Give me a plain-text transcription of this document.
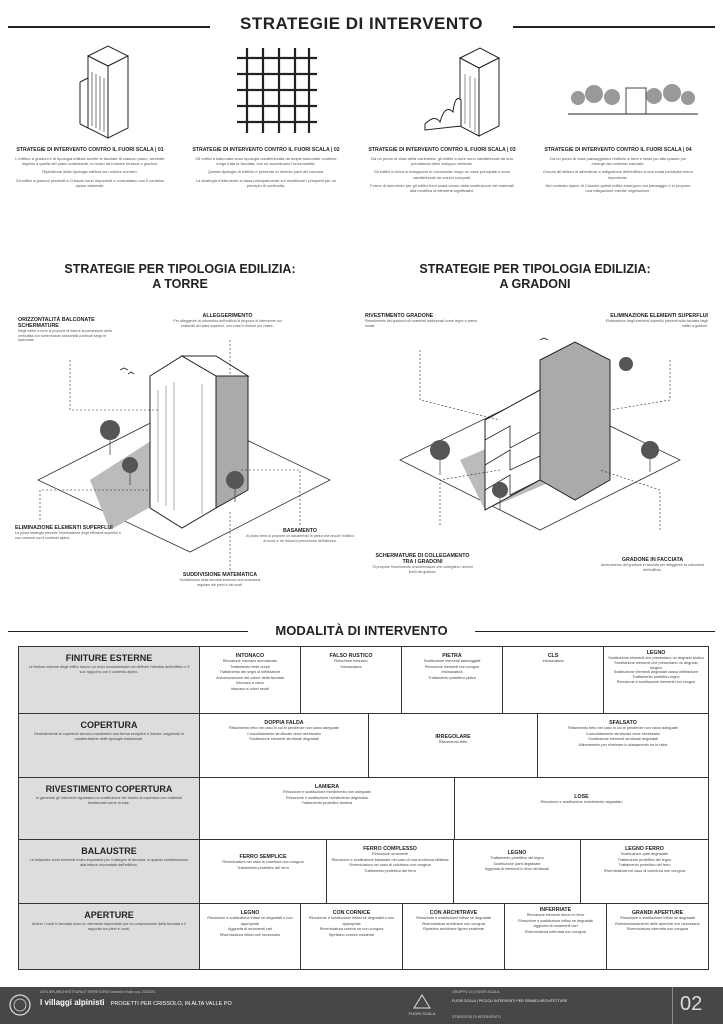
STRATEGIE DI INTERVENTO
STRATEGIE DI INTERVENTO CONTRO IL FUORI SCALA | 01
L'edificio a gradoni e di tipologia edilizia avente le facciate di ciascun piano, arretrate rispetto a quella del piano sottostante, in modo da formare terrazzi o gradoni.
Ripetizione della tipologia edilizia con minore numero.
Gli edifici a gradoni presenti a Crissolo sono imponenti e contrastano con il contesto alpino esistente.
STRATEGIE DI INTERVENTO CONTRO IL FUORI SCALA | 02
Gli edifici a balconate sono tipologia caratterizzata da ampie balconate continue lungo tutta la facciata, che ne accentuano l'orizzontalita.
Questa tipologia di edificio e presente in diverse parti del comune.
La strategia d'intervento si basa principalmente sul modificare i prospetti per un principio di continuita.
STRATEGIE DI INTERVENTO CONTRO IL FUORI SCALA | 03
Da un punto di vista della volumetria, gli edifici a torre sono caratterizzati da una prevalenza dello sviluppo verticale.
Gli edifici in linea si sviluppano in orizzontale lungo un asse principale e sono caratterizzati da volumi compatti.
Forme di intervento per gli edifici fuori scala vanno dalla sostituzione dei materiali alla modifica di elementi significativi.
STRATEGIE DI INTERVENTO CONTRO IL FUORI SCALA | 04
Da un punto di vista paesaggistico l'edificio a torre e tanto piu alto quanto piu emerge dal contesto naturale.
Dovuto all'utilizzo di alberature a mitigazione dell'edificio a una scala percepita meno imponente.
Nel contesto alpino di Crissolo questi edifici emergono sul paesaggio e si propone una mitigazione tramite vegetazione.
STRATEGIE PER TIPOLOGIA EDILIZIA:
A TORRE
STRATEGIE PER TIPOLOGIA EDILIZIA:
A GRADONI
ORIZZONTALITÀ BALCONATE SCHERMATURE
Negli edifici a torre si propone di ridurre la percezione della verticalita con schermature orizzontali continue lungo le balconate.
ALLEGGERIMENTO
Per alleggerire la volumetria dell'edificio si propone di intervenire sui materiali dei piani superiori, con colori e finiture piu chiare.
ELIMINAZIONE ELEMENTI SUPERFLUI
La prima strategia prevede l'eliminazione degli elementi superflui e non coerenti con il contesto alpino.
BASAMENTO
Al piano terra si propone un basamento in pietra che ancori l'edificio al suolo e ne riduca la percezione dell'altezza.
SUDDIVISIONE MATEMATICA
Suddivisione della facciata secondo una scansione regolare dei pieni e dei vuoti.
RIVESTIMENTO GRADONE
Rivestimento dei gradoni con materiali tradizionali come legno e pietra locale.
ELIMINAZIONE ELEMENTI SUPERFLUI
Eliminazione degli elementi superflui presenti sulle facciate degli edifici a gradoni.
SCHERMATURE DI COLLEGAMENTO TRA I GRADONI
Si propone l'inserimento di schermature che colleghino i diversi livelli dei gradoni.
GRADONE IN FACCIATA
Arretramento del gradone in facciata per alleggerire la volumetria dell'edificio.
MODALITÀ DI INTERVENTO
FINITURE ESTERNE
Le finiture esterne degli edifici hanno un ruolo fondamentale nel definire l'identita dell'edificio e il suo rapporto con il contesto alpino.
INTONACO
Rimozione intonaco ammalorato
Trattamento delle crepe
Trattamento dei segni di infiltrazione
Armonizzazione del colore della facciata
Intonaco a calce
Intonaco a colori neutri
FALSO RUSTICO
Rimozione intonaco
Intonacatura
PIETRA
Sostituzione elementi danneggiati
Rimozione elementi non congrui
Intonacatura
Trattamento protettivo pietra
CLS
Intonacatura
LEGNO
Sostituzione elementi che presentano un degrado biotico
Sostituzione elementi che presentano un degrado fungino
Sostituzione elementi degradati causa infiltrazione
Trattamento protettivo legno
Rimozione e sostituzione elementi non congrui
COPERTURA
Generalmente le coperture devono mantenere una forma semplice e lineare, seguendo le caratteristiche delle tipologie tradizionali.
DOPPIA FALDA
Rifacimento tetto nel caso in cui le pendenze non siano adeguate
Consolidamento strutturale dove necessario
Sostituzione elementi strutturali degradati	IRREGOLARE
Rifacimento tetto
SFALSATO
Rifacimento tetto nel caso in cui le pendenze non siano adeguate
Consolidamento strutturale dove necessario
Sostituzione elementi strutturali degradati
Allineamento per eliminare lo sfalsamento tra le falde
RIVESTIMENTO COPERTURA
In generale gli interventi riguardano la sostituzione del manto di copertura con materiali tradizionali come la lose.
LAMIERA
Rimozione e sostituzione rivestimento non adeguato
Rimozione e sostituzione rivestimento degradato
Trattamento protettivo lamiera
LOSE
Rimozione e sostituzione rivestimento degradato
BALAUSTRE
Le balaustre sono elementi molto importanti per il disegno di facciata, in quanto contribuiscono alla lettura orizzontale dell'edificio.
FERRO SEMPLICE
Riverniciatura nel caso di coloritura non congrua
Trattamento protettivo del ferro
FERRO COMPLESSO
Rimozione ornamenti
Rimozione e sostituzione balaustre nel caso di una ricchezza stilistica
Riverniciatura nel caso di coloritura non congrua
Trattamento protettivo del ferro
LEGNO
Trattamento protettivo del legno
Sostituzione parti degradate
Aggiunta di elementi in ferro strutturali
LEGNO FERRO
Sostituzione parti degradate
Trattamento protettivo del legno
Trattamento protettivo del ferro
Riverniciatura nel caso di coloritura non congrua
APERTURE
Anche i vuoti in facciata sono un elemento importante per la composizione della facciata e il rapporto tra pieni e vuoti.
LEGNO
Rimozione e sostituzione infissi se degradati o non appropriati
Aggiunta di ornamenti vari
Riverniciatura infissi ove necessario
CON CORNICE
Rimozione e sostituzione infissi se degradati o non appropriati
Riverniciatura cornice se non congrua
Ripristino cornice esistente
CON ARCHITRAVE
Rimozione e sostituzione infissi se degradati
Riverniciatura architrave non congrua
Ripristino architrave ligneo esistente
INFERRIATE
Rimozione elementi decori in ferro
Rimozione e sostituzione infissi se degradati
Aggiunta di ornamenti vari
Riverniciatura inferriata non congrua
GRANDI APERTURE
Rimozione e sostituzione infissi se degradati
Ridimensionamento delle aperture ove necessario
Riverniciatura inferriata non congrua
ATELIER ARCHITETTURA E TERRITORIO Docenti e tutor a.a. 2022/23
I villaggi alpinisti PROGETTI PER CRISSOLO, IN ALTA VALLE PO
FUORI SCALA
GRUPPO 10 | FUORI SCALA
FUORI SCALA | PICCOLI INTERVENTI PER GRANDI ARCHITETTURE
STRATEGIE DI INTERVENTO
02
